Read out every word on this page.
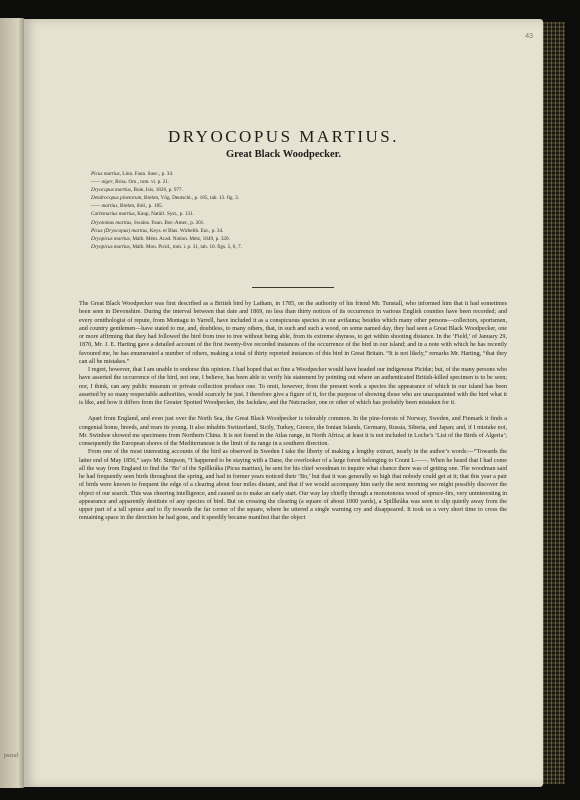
pseud
43
DRYOCOPUS MARTIUS.
Great Black Woodpecker.
Picus martius, Linn. Faun. Suec., p. 34.
—— niger, Briss. Orn., tom. vi. p. 21.
Dryocopus martius, Boie, Isis, 1826, p. 977.
Dendrocopus pinetorum, Brehm, Vög. Deutschl., p. 185, tab. 13. fig. 3.
—— martius, Brehm, ibid., p. 185.
Carbonarius martius, Kaup, Natürl. Syst., p. 131.
Dryotomus martius, Swains. Faun. Bor.-Amer., p. 301.
Picus (Dryocopus) martius, Keys. et Blas. Wirbelth. Eur., p. 34.
Dryopicus martius, Malh. Mém. Acad. Nation. Metz, 1849, p. 320.
Dryopicus martius, Malh. Mon. Picid., tom. i. p. 31, tab. 10. figs. 5, 6, 7.

The Great Black Woodpecker was first described as a British bird by Latham, in 1785, on the authority of his friend Mr. Tunstall, who informed him that it had sometimes been seen in Devonshire. During the interval between that date and 1869, no less than thirty notices of its occurrence in various English counties have been recorded; and every ornithologist of repute, from Montagu to Yarrell, have included it as a conspicuous species in our avifauna; besides which many other persons—collectors, sportsmen, and country gentlemen—have stated to me, and, doubtless, to many others, that, in such and such a wood, on some named day, they had seen a Great Black Woodpecker, one or more affirming that they had followed the bird from tree to tree without being able, from its extreme shyness, to get within shooting distance. In the ‘Field,’ of January 29, 1870, Mr. J. E. Harting gave a detailed account of the first twenty-five recorded instances of the occurrence of the bird in our island; and in a note with which he has recently favoured me, he has enumerated a number of others, making a total of thirty reported instances of this bird in Great Britain. “It is not likely,” remarks Mr. Harting, “that they can all be mistakes.”

I regret, however, that I am unable to endorse this opinion. I had hoped that so fine a Woodpecker would have headed our indigenous Picidæ; but, of the many persons who have asserted the occurrence of the bird, not one, I believe, has been able to verify his statement by pointing out where an authenticated British-killed specimen is to be seen; nor, I think, can any public museum or private collection produce one. To omit, however, from the present work a species the appearance of which in our island has been asserted by so many respectable authorities, would scarcely be just. I therefore give a figure of it, for the purpose of showing those who are unacquainted with the bird what it is like, and how it differs from the Greater Spotted Woodpecker, the Jackdaw, and the Nutcracker, one or other of which has probably been mistaken for it.

Apart from England, and even just over the North Sea, the Great Black Woodpecker is tolerably common. In the pine-forests of Norway, Sweden, and Finmark it finds a congenial home, breeds, and rears its young. It also inhabits Switzerland, Sicily, Turkey, Greece, the Ionian Islands, Germany, Russia, Siberia, and Japan; and, if I mistake not, Mr. Swinhoe showed me specimens from Northern China. It is not found in the Atlas range, in North Africa; at least it is not included in Loche’s ‘List of the Birds of Algeria’; consequently the European shores of the Mediterranean is the limit of its range in a southern direction.

From one of the most interesting accounts of the bird as observed in Sweden I take the liberty of making a lengthy extract, nearly in the author’s words:—“Towards the latter end of May 1856,” says Mr. Simpson, “I happened to be staying with a Dane, the overlooker of a large forest belonging to Count L——. When he heard that I had come all the way from England to find the ‘Bo’ of the Spillkråka (Picus martius), he sent for his chief woodman to inquire what chance there was of getting one. The woodman said he had frequently seen birds throughout the spring, and had in former years noticed their ‘Bo,’ but that it was generally so high that nobody could get at it; that this year a pair of birds were known to frequent the edge of a clearing about four miles distant, and that if we would accompany him early the next morning we might possibly discover the object of our search. This was cheering intelligence, and caused us to make an early start. Our way lay chiefly through a monotonous wood of spruce-firs, very uninteresting in appearance and apparently destitute of any species of bird. But on crossing the clearing (a square of about 1000 yards), a Spillkråka was seen to slip quietly away from the upper part of a tall spruce and to fly towards the far corner of the square, where he uttered a single warning cry and disappeared. It took us a very short time to cross the remaining space in the direction he had gone, and it speedily became manifest that the object
